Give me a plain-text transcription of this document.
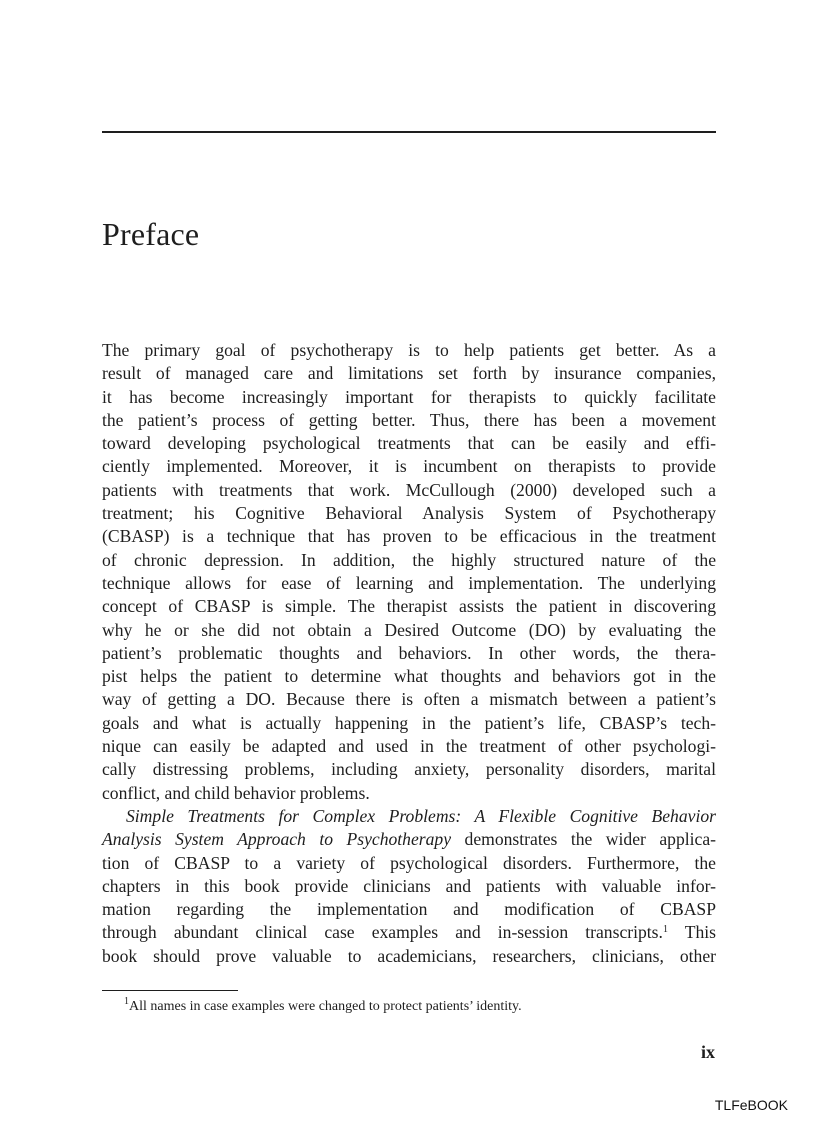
Preface
The primary goal of psychotherapy is to help patients get better. As a
result of managed care and limitations set forth by insurance companies,
it has become increasingly important for therapists to quickly facilitate
the patient’s process of getting better. Thus, there has been a movement
toward developing psychological treatments that can be easily and effi-
ciently implemented. Moreover, it is incumbent on therapists to provide
patients with treatments that work. McCullough (2000) developed such a
treatment; his Cognitive Behavioral Analysis System of Psychotherapy
(CBASP) is a technique that has proven to be efficacious in the treatment
of chronic depression. In addition, the highly structured nature of the
technique allows for ease of learning and implementation. The underlying
concept of CBASP is simple. The therapist assists the patient in discovering
why he or she did not obtain a Desired Outcome (DO) by evaluating the
patient’s problematic thoughts and behaviors. In other words, the thera-
pist helps the patient to determine what thoughts and behaviors got in the
way of getting a DO. Because there is often a mismatch between a patient’s
goals and what is actually happening in the patient’s life, CBASP’s tech-
nique can easily be adapted and used in the treatment of other psychologi-
cally distressing problems, including anxiety, personality disorders, marital
conflict, and child behavior problems.
Simple Treatments for Complex Problems: A Flexible Cognitive Behavior
Analysis System Approach to Psychotherapy demonstrates the wider applica-
tion of CBASP to a variety of psychological disorders. Furthermore, the
chapters in this book provide clinicians and patients with valuable infor-
mation regarding the implementation and modification of CBASP
through abundant clinical case examples and in-session transcripts.$^1$ This
book should prove valuable to academicians, researchers, clinicians, other
$^1$All names in case examples were changed to protect patients’ identity.
ix
TLFeBOOK
